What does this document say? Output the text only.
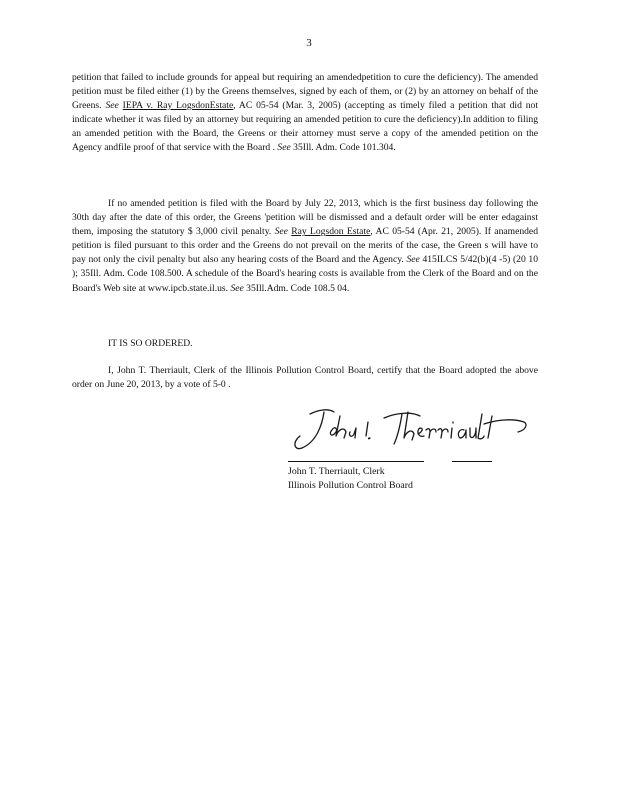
3
petition that failed to include grounds for appeal but requiring an amendedpetition to cure the deficiency). The amended petition must be filed either (1) by the Greens themselves, signed by each of them, or (2) by an attorney on behalf of the Greens. See IEPA v. Ray LogsdonEstate, AC 05-54 (Mar. 3, 2005) (accepting as timely filed a petition that did not indicate whether it was filed by an attorney but requiring an amended petition to cure the deficiency).In addition to filing an amended petition with the Board, the Greens or their attorney must serve a copy of the amended petition on the Agency andfile proof of that service with the Board . See 35Ill. Adm. Code 101.304.
If no amended petition is filed with the Board by July 22, 2013, which is the first business day following the 30th day after the date of this order, the Greens 'petition will be dismissed and a default order will be enter edagainst them, imposing the statutory $ 3,000 civil penalty. See Ray Logsdon Estate, AC 05-54 (Apr. 21, 2005). If anamended petition is filed pursuant to this order and the Greens do not prevail on the merits of the case, the Green s will have to pay not only the civil penalty but also any hearing costs of the Board and the Agency. See 415ILCS 5/42(b)(4 -5) (20 10 ); 35Ill. Adm. Code 108.500. A schedule of the Board's hearing costs is available from the Clerk of the Board and on the Board's Web site at www.ipcb.state.il.us. See 35Ill.Adm. Code 108.5 04.
IT IS SO ORDERED.
I, John T. Therriault, Clerk of the Illinois Pollution Control Board, certify that the Board adopted the above order on June 20, 2013, by a vote of 5-0 .
John T. Therriault, Clerk
Illinois Pollution Control Board
